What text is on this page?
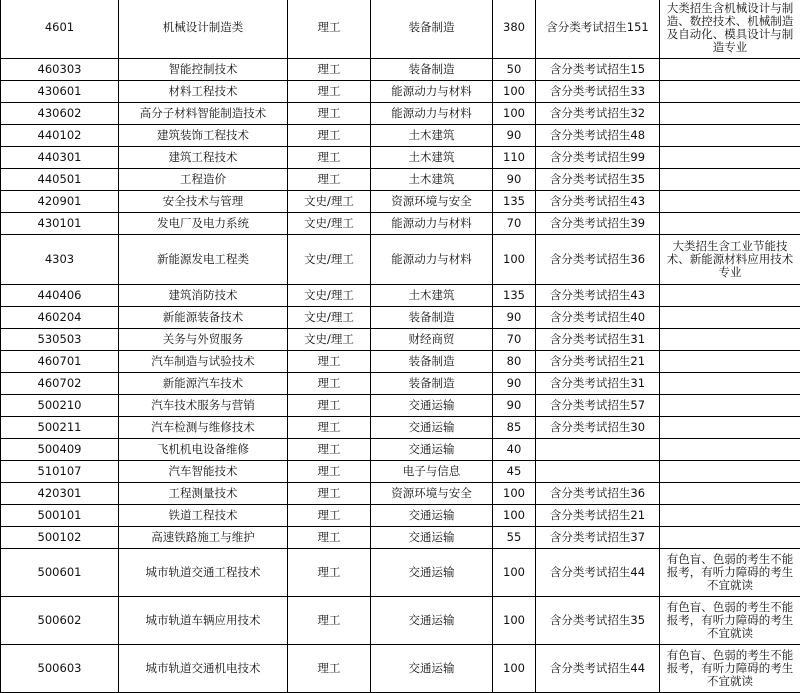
4601	机械设计制造类	理工	装备制造	380	含分类考试招生151	大类招生含机械设计与制造、数控技术、机械制造及自动化、模具设计与制造专业
460303	智能控制技术	理工	装备制造	50	含分类考试招生15	
430601	材料工程技术	理工	能源动力与材料	100	含分类考试招生33	
430602	高分子材料智能制造技术	理工	能源动力与材料	100	含分类考试招生32	
440102	建筑装饰工程技术	理工	土木建筑	90	含分类考试招生48	
440301	建筑工程技术	理工	土木建筑	110	含分类考试招生99	
440501	工程造价	理工	土木建筑	90	含分类考试招生35	
420901	安全技术与管理	文史/理工	资源环境与安全	135	含分类考试招生43	
430101	发电厂及电力系统	文史/理工	能源动力与材料	70	含分类考试招生39	
4303	新能源发电工程类	文史/理工	能源动力与材料	100	含分类考试招生36	大类招生含工业节能技术、新能源材料应用技术专业
440406	建筑消防技术	文史/理工	土木建筑	135	含分类考试招生43	
460204	新能源装备技术	文史/理工	装备制造	90	含分类考试招生40	
530503	关务与外贸服务	文史/理工	财经商贸	70	含分类考试招生31	
460701	汽车制造与试验技术	理工	装备制造	80	含分类考试招生21	
460702	新能源汽车技术	理工	装备制造	90	含分类考试招生31	
500210	汽车技术服务与营销	理工	交通运输	90	含分类考试招生57	
500211	汽车检测与维修技术	理工	交通运输	85	含分类考试招生30	
500409	飞机机电设备维修	理工	交通运输	40		
510107	汽车智能技术	理工	电子与信息	45		
420301	工程测量技术	理工	资源环境与安全	100	含分类考试招生36	
500101	铁道工程技术	理工	交通运输	100	含分类考试招生21	
500102	高速铁路施工与维护	理工	交通运输	55	含分类考试招生37	
500601	城市轨道交通工程技术	理工	交通运输	100	含分类考试招生44	有色盲、色弱的考生不能报考，有听力障碍的考生不宜就读
500602	城市轨道车辆应用技术	理工	交通运输	100	含分类考试招生35	有色盲、色弱的考生不能报考，有听力障碍的考生不宜就读
500603	城市轨道交通机电技术	理工	交通运输	100	含分类考试招生44	有色盲、色弱的考生不能报考，有听力障碍的考生不宜就读
